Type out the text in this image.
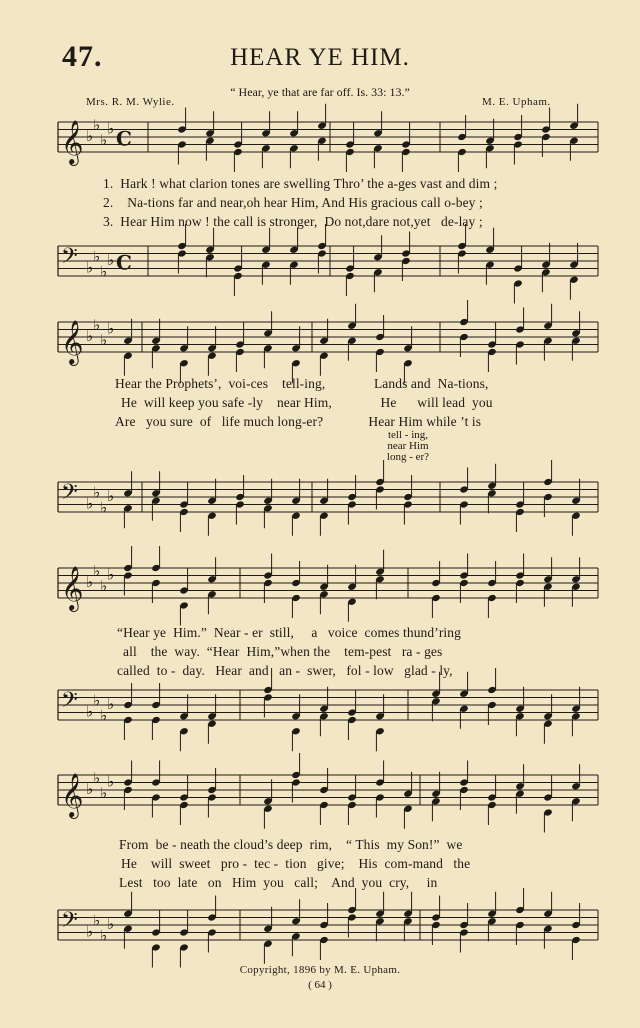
47.	HEAR YE HIM.
“ Hear, ye that are far off. Is. 33: 13.”
Mrs. R. M. Wylie.	M. E. Upham.
𝄞 ♭
♭
♭
♭ C
𝄢 ♭
♭
♭
♭ C
1.  Hark ! what clarion tones are swelling Thro’ the a-ges vast and dim ;
2.    Na-tions far and near,oh hear Him, And His gracious call o-bey ;
3.  Hear Him now ! the call is stronger,  Do not,dare not,yet   de-lay ;
𝄞 ♭
♭
♭
♭
𝄢 ♭
♭
♭
♭
Hear the Prophets’,  voi-ces    tell-ing,              Lands and  Na-tions,
He  will keep you safe -ly    near Him,              He      will lead  you
Are   you sure  of   life much long-er?             Hear Him while ’t is
tell - ing,
near Him
long - er?
𝄞 ♭
♭
♭
♭
𝄢 ♭
♭
♭
♭
“Hear ye  Him.”  Near - er  still,     a   voice  comes thund’ring
all    the  way.  “Hear  Him,”when the    tem-pest   ra - ges
called  to -  day.   Hear  and   an -  swer,   fol - low   glad - ly,
𝄞 ♭
♭
♭
♭
𝄢 ♭
♭
♭
♭
From  be - neath the cloud’s deep  rim,    “ This  my Son!”  we
He    will  sweet   pro -  tec -  tion   give;    His  com-mand   the
Lest   too  late   on   Him  you   call;    And  you  cry,     in
Copyright, 1896 by M. E. Upham.
( 64 )
